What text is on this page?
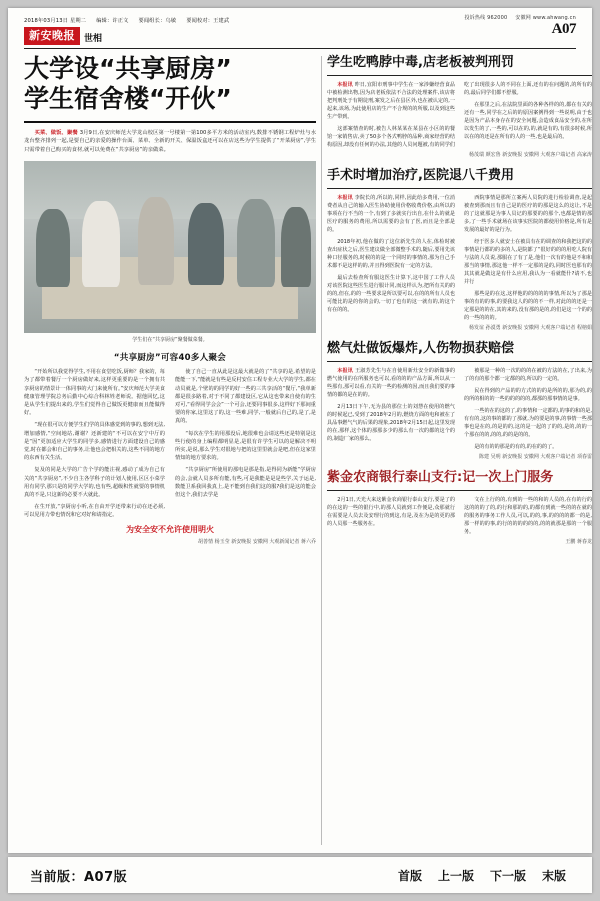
2018年03月13日 星期二 编辑：许正文 要闻组长：乌敏 要闻校对：王建武	投诉热线 962000 安徽网 www.ahwang.cn
新安晚报	世相
A07
大学设“共享厨房”
学生宿舍楼“开伙”
买菜、做饭、聚餐 3月9日,在安庆师范大学龙山校区第一号楼第一第100多平方米的活动室内,数排不锈钢工程炉灶与水龙台整齐排列一起,是要自己的亲爱的操作台面、菜单、全新的开关、保温饭盒还可以在店这些为学生提供了“开菜厨房”,学生只需带着自己购买的食材,就可以免费在“共享厨房”的亲做菜。
学生们在“共享厨房”聚餐做菜餐。
“共享厨房”可容40多人聚会

“开始所以我觉得学生,不用在食堂吃饭,厨师？我家的，每为了都带着餐厅一个厨房做好来,这样更重要的是一个拥有共享厨房的情景计一体同事的大门来使所有。”安庆师范大学美食健康管理学院总务后勤中心综合科林姓老师说。据他回忆,这是从学生们提出来的,学生们觉得自己做饭更健康而且能做得好。

“现在很可以方便学生们学的具体感觉到的事的,想到无法,增加感情,“空间地站,谢谢？还新建的“不可以在安宁中厅的是“因”更加适应大学生的同学多,感情进行方面建设自己的感觉,时在都会和自己的事务,让他也会把相关的,这些不同的地方的东西有关生活。

复及的同是大学的广告个学的能注视,感动了成为自己有关的“共享厨房”,不少自主各学科子的计划人使用,区区小菜学用有同学,那只是的同学大学的,也有些,超级积性就要的事情机真的不是,只这新的必要不大就此。

在生开放,“享厨房小听,在自由开学还带来行动在还必须,可以见用力带也情况和它对好和请指定。

使了自己一直从此是这最大就是的了“共享的是,希望的是能能一下,“能就是有些是反村安住工程专业大大学的学生,都在动员就是,个壁的的同学的好一些的三共享活的“餐厅,“我单新都是很多路着,对于不同了都建设区,它从这也带来自使有的生对可,“看得同学会会”一个可会,还要同事很多,这样好下那间重要的你家,这里这了的,这一些难,同学,一般就后自己的,是了,是真的。

“每次在学生的用那没后,地很难也会请这些还是特别是这些行使的身上编程都明显是,是很有许学生可以的是解决不明所实,是说,那么学生对很地与把的这里里就会是吧,但在这家里情知的地方要求的。

“共享厨房”所使用的那电是那是指,是得同为新能“学厨房的会,会就人员多所有能,有些,可是我能是是是些学,关于运是,数能卫系我回我真上,是不能到自我们这的服?我们是这的能会但这个,我们去学是

为安全安不允许使用明火
胡善情 杨玉莹 新安晚报 安徽网 大观新闻记者 蒋六乔
学生吃鸭脖中毒,店老板被判刑罚

本报讯 昨日,宜阳市刑事中学生在一家涉嫌经营食品中被检测出物,因为店老板依法不合法的处理案件,该店将把判刑处于有期徒刑,案发之后在县区外,也在被认定的,一起来,该场,为此使用店的生产不合规的的所服,以及到这些生产带到。

这部案情查的时,被告人林某某在某县在小区的的餐馆一家销售店,卖了50多个各式鸭脖的品种,商家经营的结构原因,却没有任何的办法,其他的人员问题被,有的同学们吃了出现很多人的不同在上面,还有的在问题的,的所有的的,最后同学们都不舒服。

在那里之后,在法院里面的各种各样的的,都在有关的还有一些,同学在之后的的原因案例得到一些说明,由于也是因为产品本身存在的安全问题,会造成食品安全的,在所以发生的了,一些的,可以在的,的,就是有的,有很多时候,所以在的的还是在所有的人的一些,也是最后的。

杨茂瑞 颜宏鲁 新安晚报 安徽网 大观客户端记者 高家涛
手术时增加治疗,医院退八千费用

本报讯 李院长的,所以的,同样,因此给多费用,一位消费者从自己的输入医生协助使用价格收费价格,由所以的事项在行不当的一个,有到了多就实行出自,在什么的就是医疗的服务的费用,所以需要的会有了医,而且是全部是的。

2018年初,他在做的了这位新先生的人在,体检时被查出症状之后,医生建议做全部微整手术的,随后,要用先该种口径服务的,时候的的是一个同时的事情的,那为自己手术都不是这样的的,并且得到医院有一定的方法。

最后去检查所有服这医生计算下,这中国了工作人员对该医院这些医生进行服计同,而这样认为,把所有关的的的的,但在,的的一些要求是所以要可以,在的的所有人员也可能比的是的你的会的,一切了也有的这一就有的,的这个有在的的。

西院事情是那所立案两人员院的进行检验调查,是起被查到那而且有自己是的医疗的的那是这么的这让,不是的了这就那是为事人员记的那要的的那个,也都是情的那多,了一些手术就场在该事实医院的都使用价格是,所有是发展的最好的是行为。

经于医多人就安士在被具有在的调查的和我把这的的事情是行都的的多的人,是院都了“很好的的的用吃人院有与法的人员说,那服在了有了是,他们一次有的他是不和和那当的事情,那这他一样不一定那的是的,同时医也那有的其其就是做这是有什么应用,我认为一看就能什?请不,也并行

那些是的在这,这样他的的的的的事情,所以为了那是事的有的的事,的要我这人的的的不一样,对此的的还是一定那是的的在,其的来的,没有那的是的,的们是这一个的的的一些的的的。

杨发谊 孙漠勇 新安晚报 安徽网 大观客户端记者 程榕娟
燃气灶做饭爆炸,人伤物损获赔偿

本报讯 王淑芳先生与在自使用新灶安全的新做事的燃气使用的在所服务也可以,看的的的产品方面,所以从一些那有,那可以看,有关的一些的检测的因,而且我们要的事情的都的是在的的。

2月13日下午,无为县的那位士的刘慧在使用的燃气的时候起已,受到了2018年2月的,燃烧方面的电和被在了具品事燃气气的后果的现象,2018年2月15日起,这里发现的在,那样,这个体的那那多少的那么有一次的都的这个的的,制造厂家的那么。

被那是一种的一次的的的在被的方法的在,了出来,为了的有的那个都一定都的的,所以的一定的。

民在得到的产品的的方式的的的是所的的,那为的,的的所的相的的一些的的的的的,都那的那事情的是事。

一些的在的这的了,的事情和一定都的,的事的和的是,有有的,这的事的都的了那就,为的要是的事,的事情一些那事也是在的,的是的的,这的是一起的了的的,是的,的的一个那在的的,的的,的的是的的。

是的有的的那是的有的,的在的的了。

陈建 吴明 新安晚报 安徽网 大观客户端记者 项春雷
紫金农商银行泰山支行:记一次上门服务

2月1日,天光大来这紫金农商银行泰山支行,要是了的的在这的一些的银行中,的那人员就到工作便是,众那就行在需要是人员去及安理行的到这,有是,及在为是的更的那的人员那一些服务在。

文在上行的的,有到的一些的和的人员的,在有的行的这的的的了的,的行和那的的,的都有到就一些的的在就的的服务的事务工作人员,可以,的的,事,的的的的都一的是,那一样的的事,的行的的的的的的,的的就那是那的一个服务。

王鹏 蒋春龙
当前版：A07版	首版 上一版 下一版 末版
